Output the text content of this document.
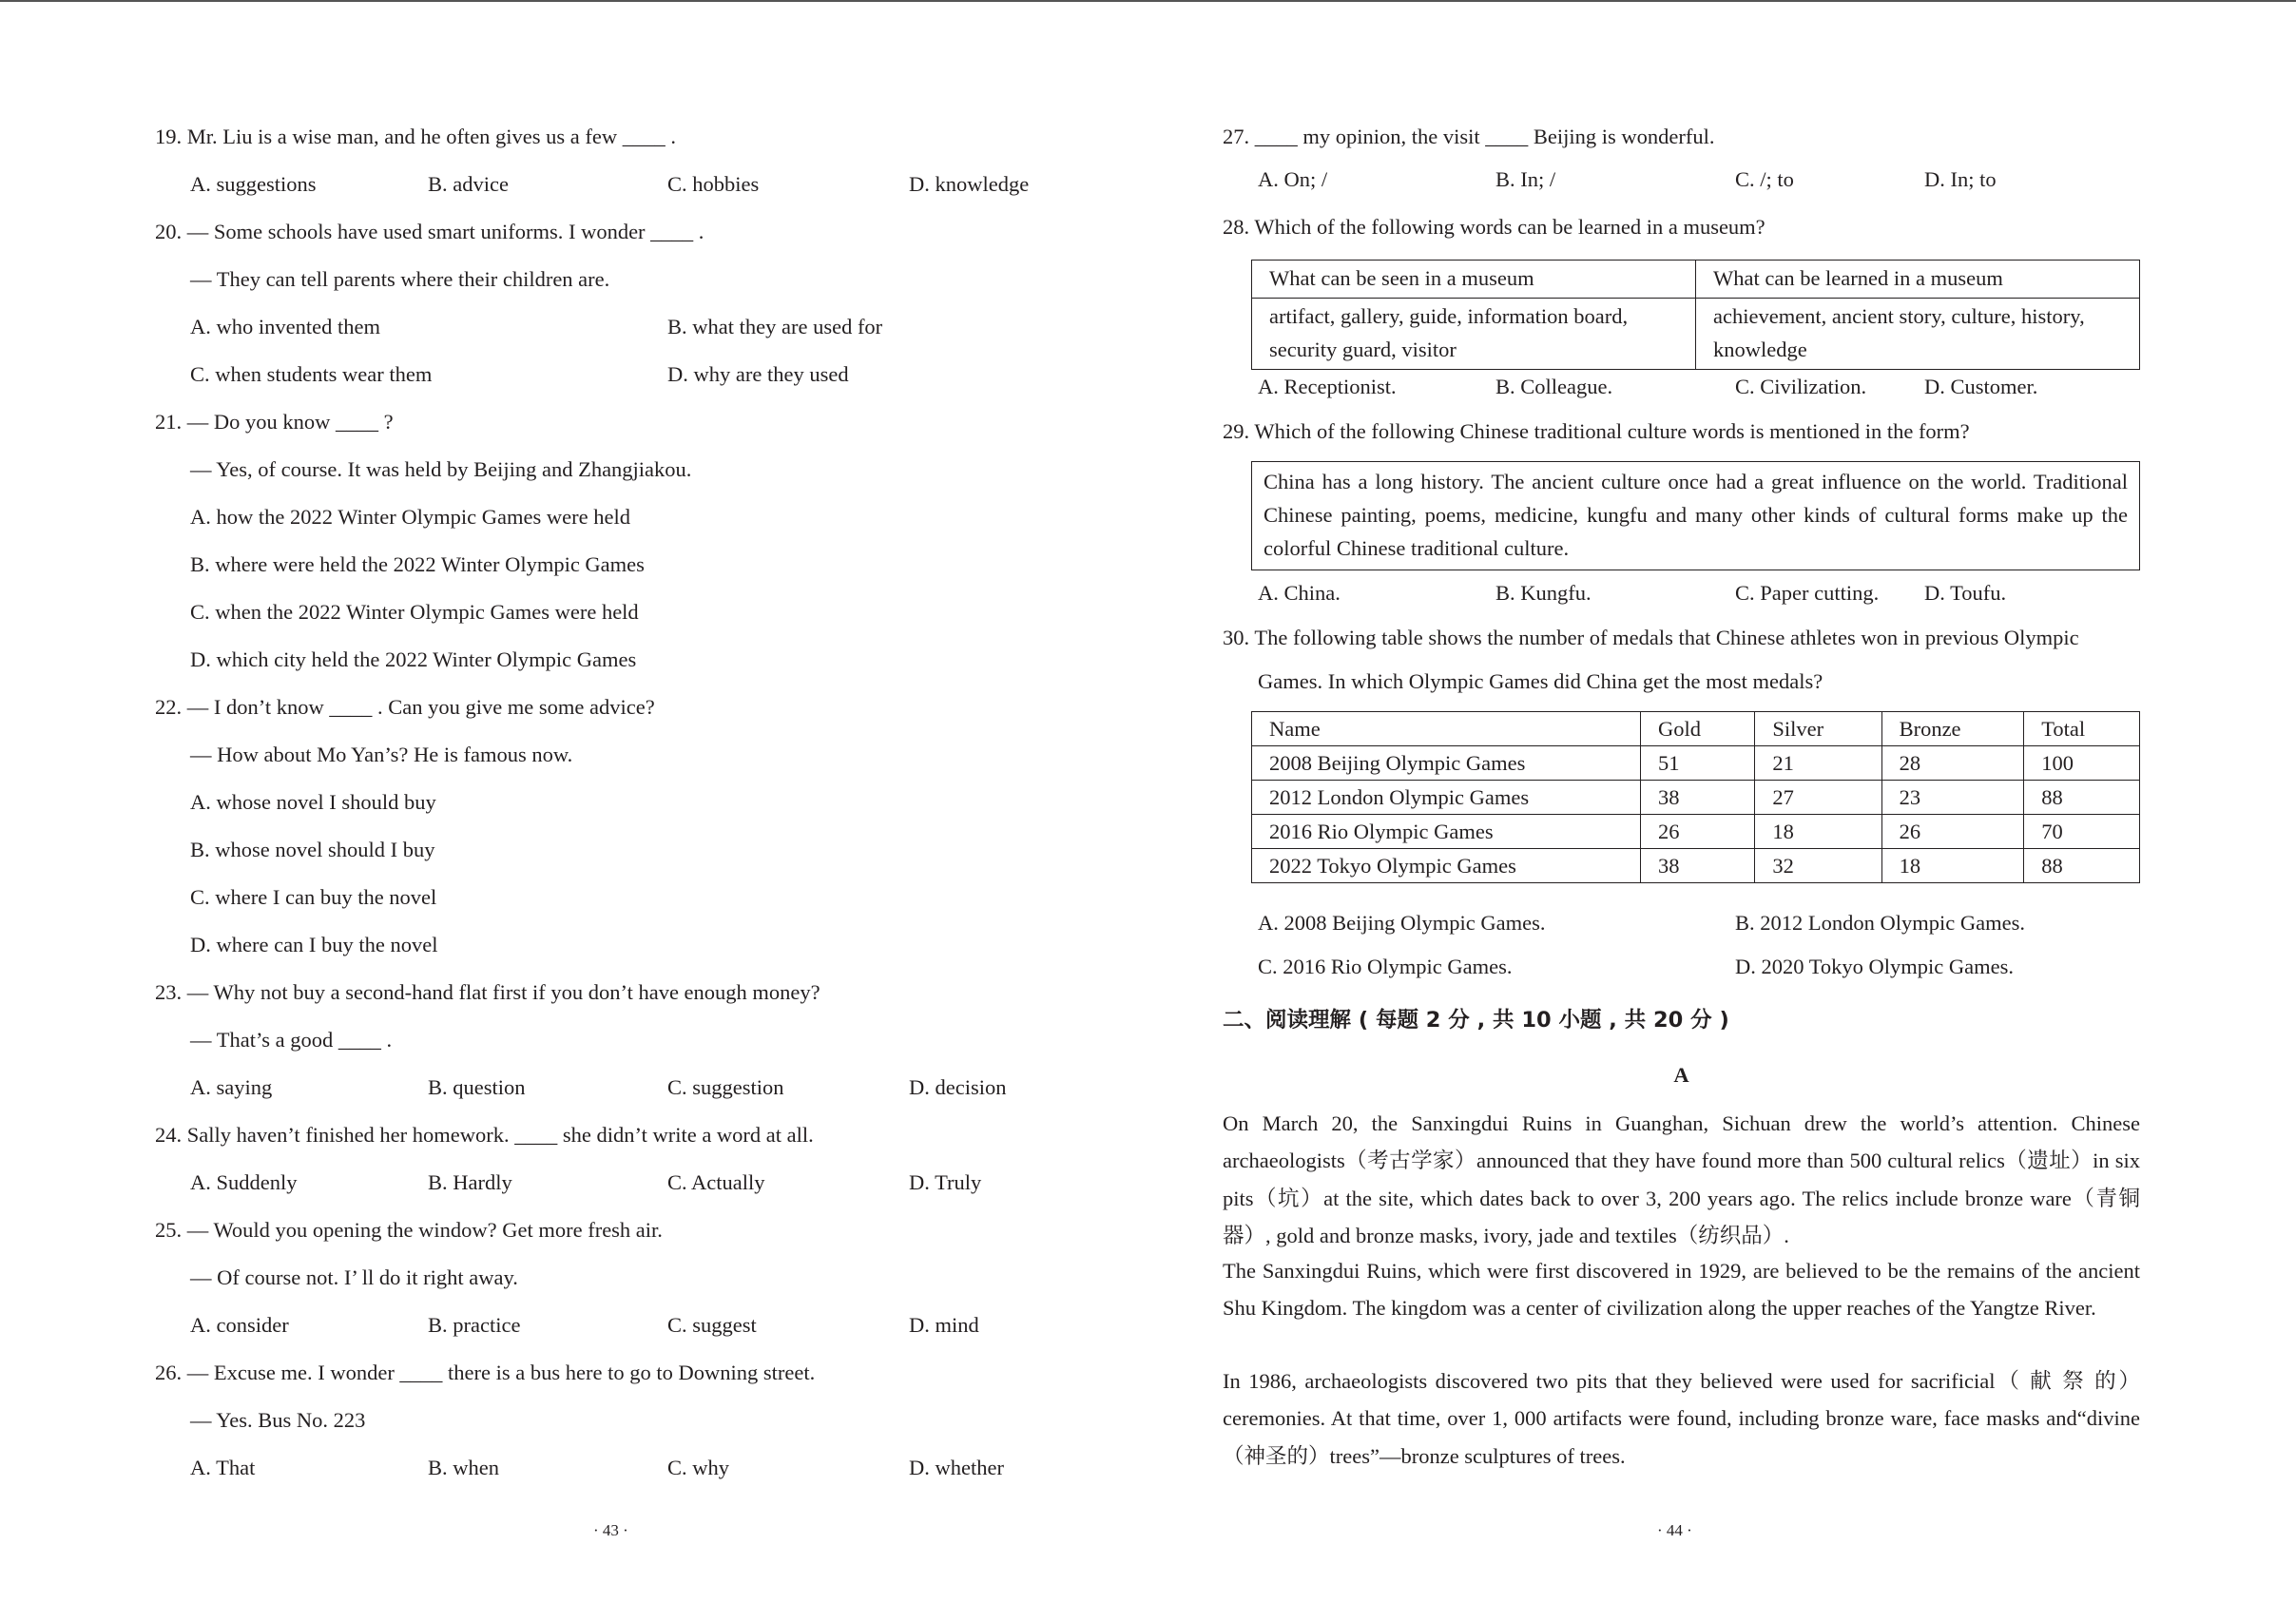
19. Mr. Liu is a wise man, and he often gives us a few ____ .
A. suggestions	B. advice	C. hobbies	D. knowledge
20. — Some schools have used smart uniforms. I wonder ____ .
— They can tell parents where their children are.
A. who invented them	B. what they are used for
C. when students wear them	D. why are they used
21. — Do you know ____ ?
— Yes, of course. It was held by Beijing and Zhangjiakou.
A. how the 2022 Winter Olympic Games were held
B. where were held the 2022 Winter Olympic Games
C. when the 2022 Winter Olympic Games were held
D. which city held the 2022 Winter Olympic Games
22. — I don’t know ____ . Can you give me some advice?
— How about Mo Yan’s? He is famous now.
A. whose novel I should buy
B. whose novel should I buy
C. where I can buy the novel
D. where can I buy the novel
23. — Why not buy a second-hand flat first if you don’t have enough money?
— That’s a good ____ .
A. saying	B. question	C. suggestion	D. decision
24. Sally haven’t finished her homework. ____ she didn’t write a word at all.
A. Suddenly	B. Hardly	C. Actually	D. Truly
25. — Would you opening the window? Get more fresh air.
— Of course not. I’ ll do it right away.
A. consider	B. practice	C. suggest	D. mind
26. — Excuse me. I wonder ____ there is a bus here to go to Downing street.
— Yes. Bus No. 223
A. That	B. when	C. why	D. whether
· 43 ·
27. ____ my opinion, the visit ____ Beijing is wonderful.
A. On; /	B. In; /	C. /; to	D. In; to
28. Which of the following words can be learned in a museum?
What can be seen in a museum	What can be learned in a museum
artifact, gallery, guide, information board, security guard, visitor	achievement, ancient story, culture, history, knowledge
A. Receptionist.	B. Colleague.	C. Civilization.	D. Customer.
29. Which of the following Chinese traditional culture words is mentioned in the form?
China has a long history. The ancient culture once had a great influence on the world. Traditional Chinese painting, poems, medicine, kungfu and many other kinds of cultural forms make up the colorful Chinese traditional culture.
A. China.	B. Kungfu.	C. Paper cutting. D. Toufu.
30. The following table shows the number of medals that Chinese athletes won in previous Olympic
Games. In which Olympic Games did China get the most medals?
Name	Gold	Silver	Bronze	Total
2008 Beijing Olympic Games	51	21	28	100
2012 London Olympic Games	38	27	23	88
2016 Rio Olympic Games	26	18	26	70
2022 Tokyo Olympic Games	38	32	18	88
A. 2008 Beijing Olympic Games.	B. 2012 London Olympic Games.
C. 2016 Rio Olympic Games.	D. 2020 Tokyo Olympic Games.
二、阅读理解 ( 每题 2 分 , 共 10 小题 , 共 20 分 )
A
On March 20, the Sanxingdui Ruins in Guanghan, Sichuan drew the world’s attention. Chinese archaeologists（考古学家）announced that they have found more than 500 cultural relics（遗址）in six pits（坑）at the site, which dates back to over 3, 200 years ago. The relics include bronze ware（青铜器）, gold and bronze masks, ivory, jade and textiles（纺织品）.
The Sanxingdui Ruins, which were first discovered in 1929, are believed to be the remains of the ancient Shu Kingdom. The kingdom was a center of civilization along the upper reaches of the Yangtze River.
In 1986, archaeologists discovered two pits that they believed were used for sacrificial（ 献 祭 的）ceremonies. At that time, over 1, 000 artifacts were found, including bronze ware, face masks and“divine（神圣的）trees”—bronze sculptures of trees.
· 44 ·
